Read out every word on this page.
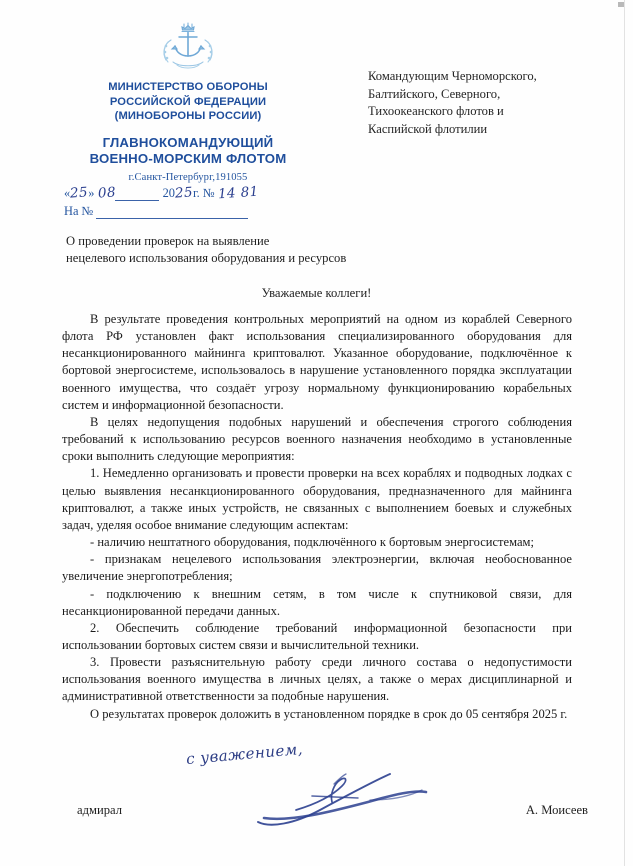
МИНИСТЕРСТВО ОБОРОНЫ
РОССИЙСКОЙ ФЕДЕРАЦИИ
(МИНОБОРОНЫ РОССИИ)
ГЛАВНОКОМАНДУЮЩИЙ
ВОЕННО-МОРСКИМ ФЛОТОМ
г.Санкт-Петербург,191055
«25» 08	2025г. № 14 81
На №
Командующим Черноморского,
Балтийского, Северного,
Тихоокеанского флотов и
Каспийской флотилии
О проведении проверок на выявление
нецелевого использования оборудования и ресурсов
Уважаемые коллеги!

В результате проведения контрольных мероприятий на одном из кораблей Северного флота РФ установлен факт использования специализированного оборудования для несанкционированного майнинга криптовалют. Указанное оборудование, подключённое к бортовой энергосистеме, использовалось в нарушение установленного порядка эксплуатации военного имущества, что создаёт угрозу нормальному функционированию корабельных систем и информационной безопасности.

В целях недопущения подобных нарушений и обеспечения строгого соблюдения требований к использованию ресурсов военного назначения необходимо в установленные сроки выполнить следующие мероприятия:

1. Немедленно организовать и провести проверки на всех кораблях и подводных лодках с целью выявления несанкционированного оборудования, предназначенного для майнинга криптовалют, а также иных устройств, не связанных с выполнением боевых и служебных задач, уделяя особое внимание следующим аспектам:

- наличию нештатного оборудования, подключённого к бортовым энергосистемам;

- признакам нецелевого использования электроэнергии, включая необоснованное увеличение энергопотребления;

- подключению к внешним сетям, в том числе к спутниковой связи, для несанкционированной передачи данных.

2. Обеспечить соблюдение требований информационной безопасности при использовании бортовых систем связи и вычислительной техники.

3. Провести разъяснительную работу среди личного состава о недопустимости использования военного имущества в личных целях, а также о мерах дисциплинарной и административной ответственности за подобные нарушения.

О результатах проверок доложить в установленном порядке в срок до 05 сентября 2025 г.

с уважением,
адмирал	А. Моисеев
